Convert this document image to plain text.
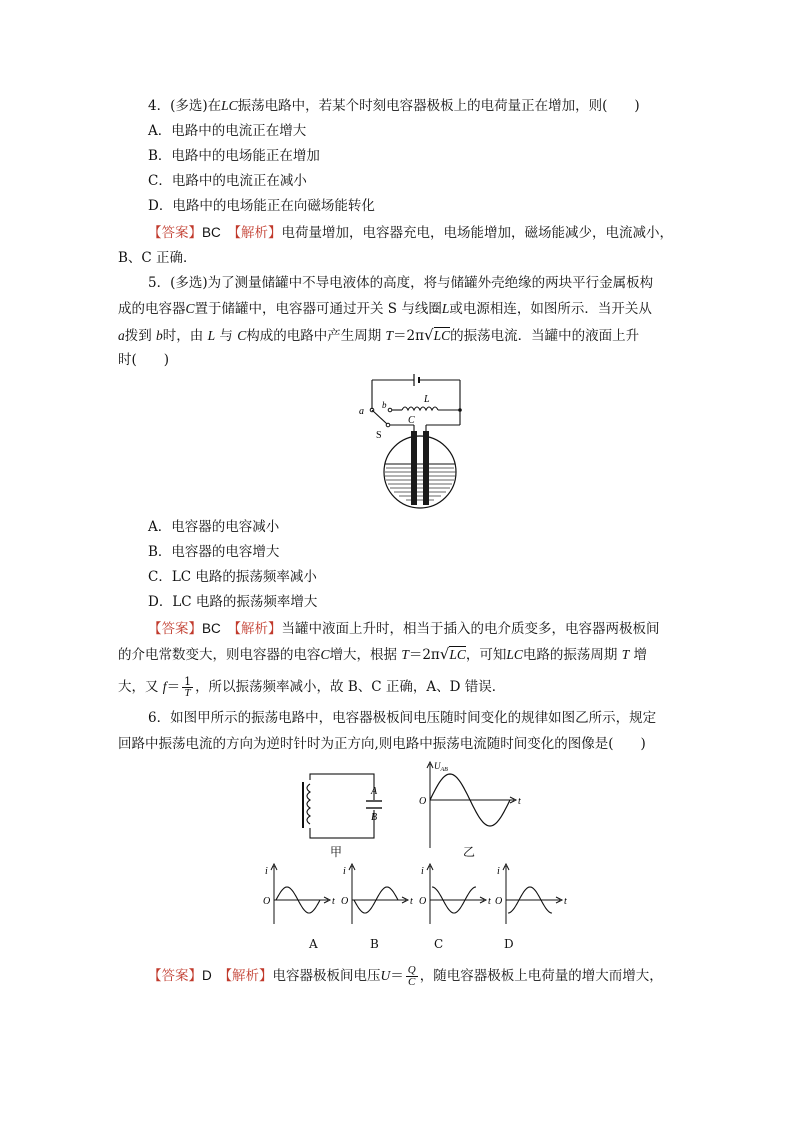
4．(多选)在LC振荡电路中，若某个时刻电容器极板上的电荷量正在增加，则(　　)
A．电路中的电流正在增大
B．电路中的电场能正在增加
C．电路中的电流正在减小
D．电路中的电场能正在向磁场能转化
【答案】BC　 【解析】电荷量增加，电容器充电，电场能增加，磁场能减少，电流减小，
B、C 正确．
5．(多选)为了测量储罐中不导电液体的高度，将与储罐外壳绝缘的两块平行金属板构
成的电容器C置于储罐中，电容器可通过开关 S 与线圈L或电源相连，如图所示．当开关从
a拨到 b时，由 L 与 C构成的电路中产生周期 T＝2π√LC的振荡电流．当罐中的液面上升
时(　　)
a
b	L
C
S
A．电容器的电容减小
B．电容器的电容增大
C．LC 电路的振荡频率减小
D．LC 电路的振荡频率增大
【答案】BC　 【解析】当罐中液面上升时，相当于插入的电介质变多，电容器两极板间
的介电常数变大，则电容器的电容C增大，根据 T＝2π√LC，可知LC电路的振荡周期 T 增
大，又 $f= \frac{1}{T}$ ，所以振荡频率减小，故 B、C 正确，A、D 错误．
6．如图甲所示的振荡电路中，电容器极板间电压随时间变化的规律如图乙所示，规定
回路中振荡电流的方向为逆时针时为正方向,则电路中振荡电流随时间变化的图像是(　　)
A
B
甲
$U_{AB}$
O	t
乙
i
O	t
i
O	t
i
O	t
i
O	t
A	B	C	D
【答案】D　 【解析】电容器极板间电压$U= \frac{Q}{C}$ ，随电容器极板上电荷量的增大而增大，
